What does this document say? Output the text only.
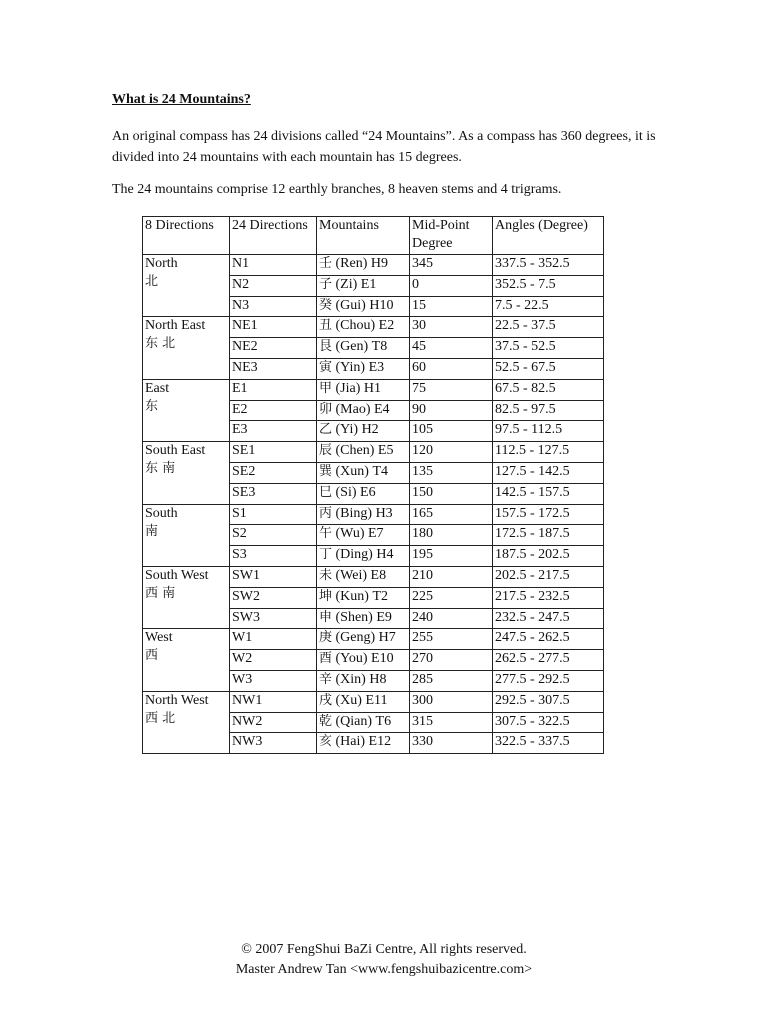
What is 24 Mountains?

An original compass has 24 divisions called “24 Mountains”. As a compass has 360 degrees, it is divided into 24 mountains with each mountain has 15 degrees.

The 24 mountains comprise 12 earthly branches, 8 heaven stems and 4 trigrams.

8 Directions	24 Directions	Mountains	Mid-Point Degree	Angles (Degree)

North
北	N1	壬 (Ren) H9	345	337.5 - 352.5
	N2	子 (Zi) E1	0	352.5 - 7.5
	N3	癸 (Gui) H10	15	7.5 - 22.5

North East
东 北	NE1	丑 (Chou) E2	30	22.5 - 37.5
	NE2	艮 (Gen) T8	45	37.5 - 52.5
	NE3	寅 (Yin) E3	60	52.5 - 67.5

East
东	E1	甲 (Jia) H1	75	67.5 - 82.5
	E2	卯 (Mao) E4	90	82.5 - 97.5
	E3	乙 (Yi) H2	105	97.5 - 112.5

South East
东 南	SE1	辰 (Chen) E5	120	112.5 - 127.5
	SE2	巽 (Xun) T4	135	127.5 - 142.5
	SE3	巳 (Si) E6	150	142.5 - 157.5

South
南	S1	丙 (Bing) H3	165	157.5 - 172.5
	S2	午 (Wu) E7	180	172.5 - 187.5
	S3	丁 (Ding) H4	195	187.5 - 202.5

South West
西 南	SW1	未 (Wei) E8	210	202.5 - 217.5
	SW2	坤 (Kun) T2	225	217.5 - 232.5
	SW3	申 (Shen) E9	240	232.5 - 247.5

West
西	W1	庚 (Geng) H7	255	247.5 - 262.5
	W2	酉 (You) E10	270	262.5 - 277.5
	W3	辛 (Xin) H8	285	277.5 - 292.5

North West
西 北	NW1	戌 (Xu) E11	300	292.5 - 307.5
	NW2	乾 (Qian) T6	315	307.5 - 322.5
	NW3	亥 (Hai) E12	330	322.5 - 337.5
© 2007 FengShui BaZi Centre, All rights reserved.
Master Andrew Tan <www.fengshuibazicentre.com>
